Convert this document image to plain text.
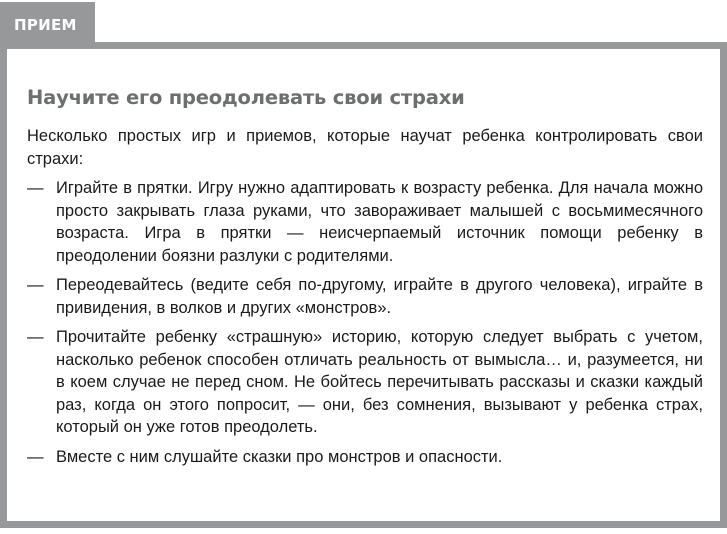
ПРИЕМ
Научите его преодолевать свои страхи

Несколько простых игр и приемов, которые научат ребенка контролировать свои страхи:

— Играйте в прятки. Игру нужно адаптировать к возрасту ребенка. Для начала можно просто закрывать глаза руками, что завораживает малышей с восьмимесячного возраста. Игра в прятки — неисчерпаемый источник помощи ребенку в преодолении боязни разлуки с родителями.
— Переодевайтесь (ведите себя по-другому, играйте в другого человека), играйте в привидения, в волков и других «монстров».
— Прочитайте ребенку «страшную» историю, которую следует выбрать с учетом, насколько ребенок способен отличать реальность от вымысла… и, разумеется, ни в коем случае не перед сном. Не бойтесь перечитывать рассказы и сказки каждый раз, когда он этого попросит, — они, без сомнения, вызывают у ребенка страх, который он уже готов преодолеть.
— Вместе с ним слушайте сказки про монстров и опасности.
